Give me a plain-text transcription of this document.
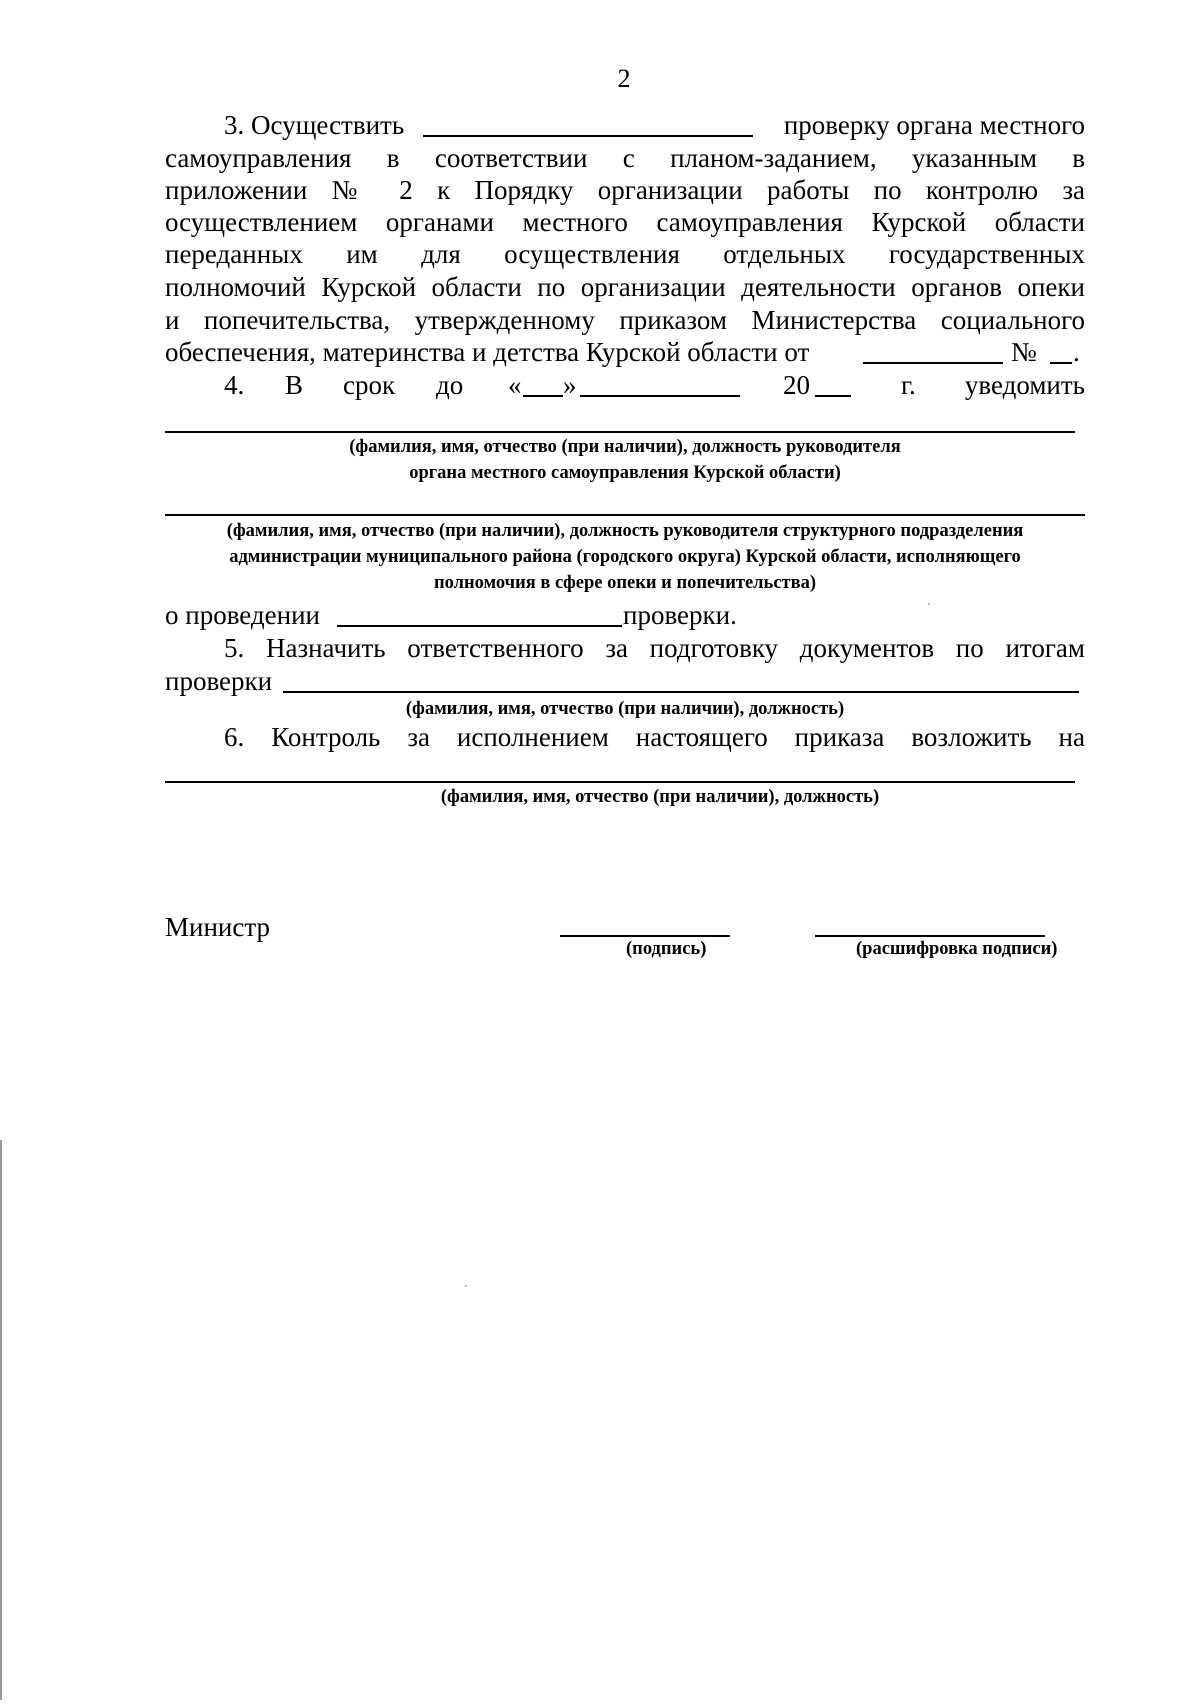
2
3. Осуществить	проверку органа местного
самоуправления в соответствии с планом-заданием, указанным в
приложении № 2 к Порядку организации работы по контролю за
осуществлением органами местного самоуправления Курской области
переданных им для осуществления отдельных государственных
полномочий Курской области по организации деятельности органов опеки
и попечительства, утвержденному приказом Министерства социального
обеспечения, материнства и детства Курской области от	№ .
4. В срок до « »	20	г. уведомить
(фамилия, имя, отчество (при наличии), должность руководителя
органа местного самоуправления Курской области)
(фамилия, имя, отчество (при наличии), должность руководителя структурного подразделения
администрации муниципального района (городского округа) Курской области, исполняющего
полномочия в сфере опеки и попечительства)
о проведении	проверки.
5. Назначить ответственного за подготовку документов по итогам
проверки
(фамилия, имя, отчество (при наличии), должность)
6. Контроль за исполнением настоящего приказа возложить на
(фамилия, имя, отчество (при наличии), должность)
Министр
(подпись)	(расшифровка подписи)
